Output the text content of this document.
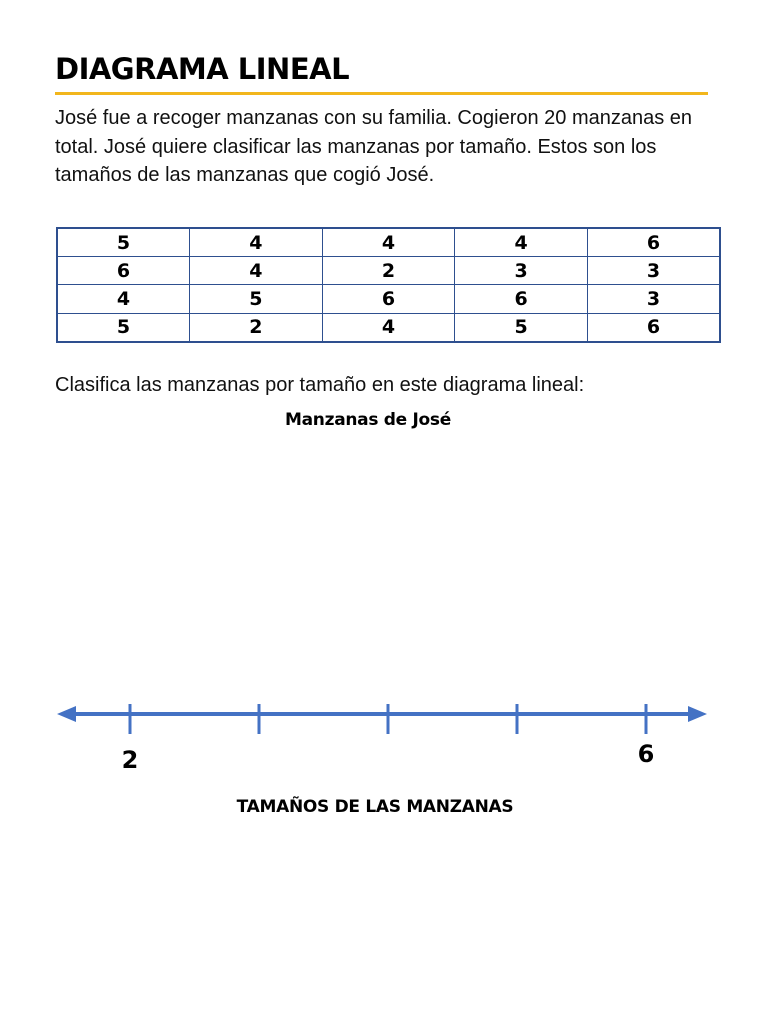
DIAGRAMA LINEAL
José fue a recoger manzanas con su familia. Cogieron 20 manzanas en total. José quiere clasificar las manzanas por tamaño. Estos son los tamaños de las manzanas que cogió José.
5	4	4	4	6
6	4	2	3	3
4	5	6	6	3
5	2	4	5	6
Clasifica las manzanas por tamaño en este diagrama lineal:
Manzanas de José
2	6
TAMAÑOS DE LAS MANZANAS
